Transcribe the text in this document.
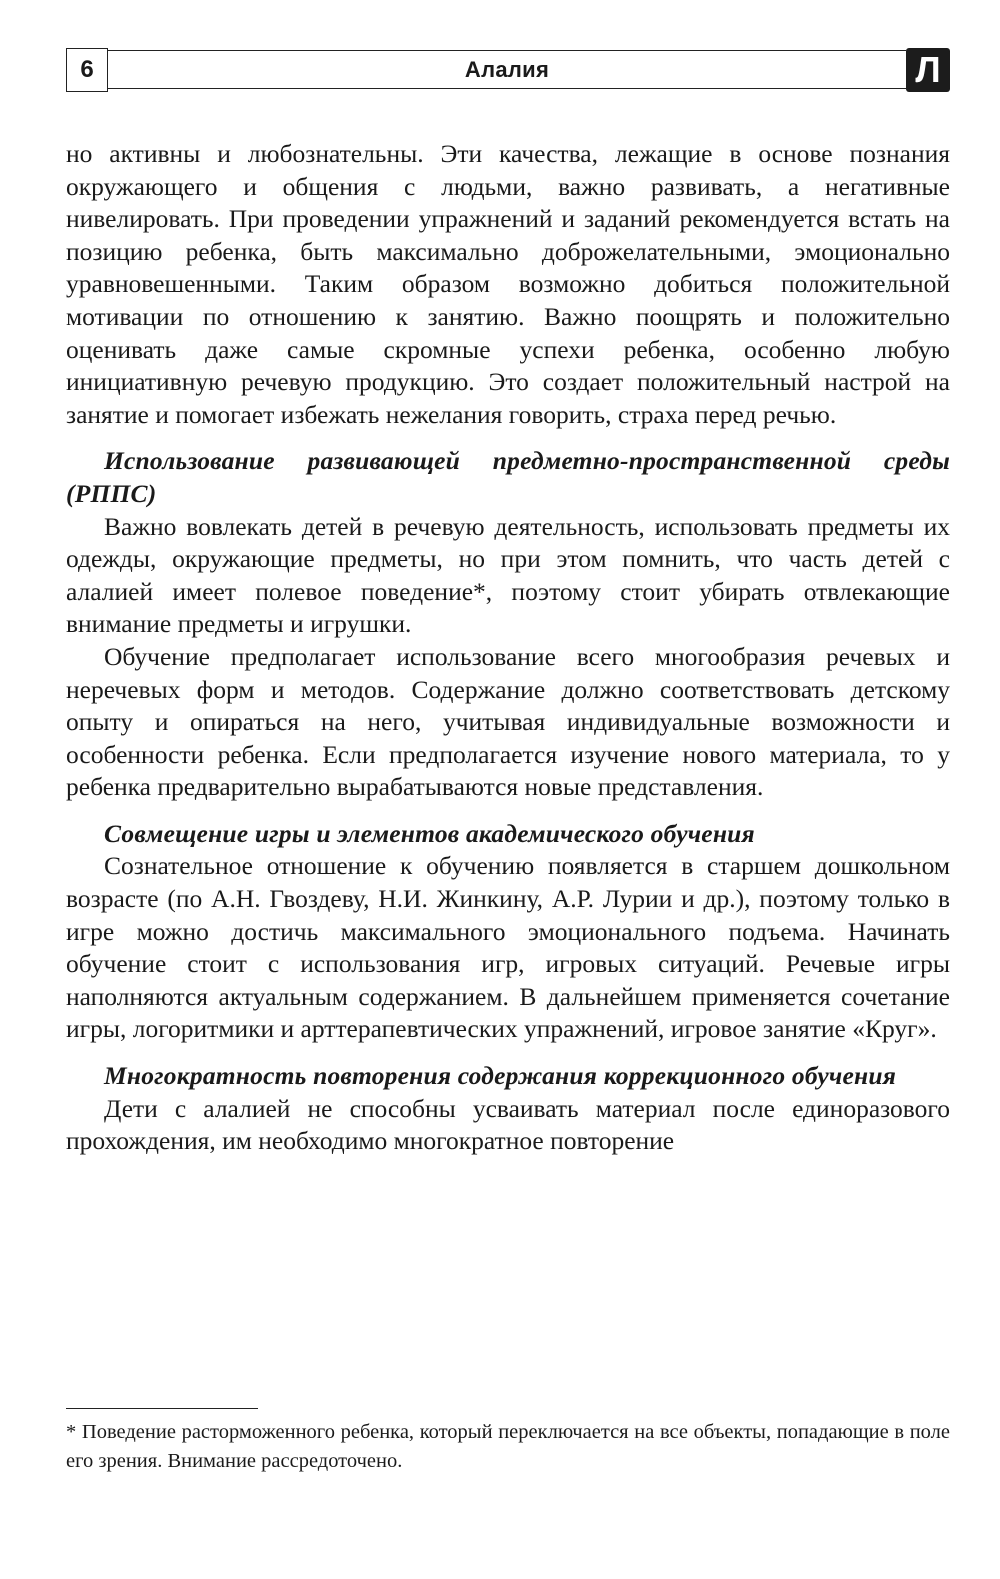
6	Алалия	Л

но активны и любознательны. Эти качества, лежащие в основе познания окружающего и общения с людьми, важно развивать, а негативные нивелировать. При проведении упражнений и заданий рекомендуется встать на позицию ребенка, быть максимально доброжелательными, эмоционально уравновешенными. Таким образом возможно добиться положительной мотивации по отношению к занятию. Важно поощрять и положительно оценивать даже самые скромные успехи ребенка, особенно любую инициативную речевую продукцию. Это создает положительный настрой на занятие и помогает избежать нежелания говорить, страха перед речью.

Использование развивающей предметно-пространственной среды (РППС)

Важно вовлекать детей в речевую деятельность, использовать предметы их одежды, окружающие предметы, но при этом помнить, что часть детей с алалией имеет полевое поведение*, поэтому стоит убирать отвлекающие внимание предметы и игрушки.

Обучение предполагает использование всего многообразия речевых и неречевых форм и методов. Содержание должно соответствовать детскому опыту и опираться на него, учитывая индивидуальные возможности и особенности ребенка. Если предполагается изучение нового материала, то у ребенка предварительно вырабатываются новые представления.

Совмещение игры и элементов академического обучения

Сознательное отношение к обучению появляется в старшем дошкольном возрасте (по А.Н. Гвоздеву, Н.И. Жинкину, А.Р. Лурии и др.), поэтому только в игре можно достичь максимального эмоционального подъема. Начинать обучение стоит с использования игр, игровых ситуаций. Речевые игры наполняются актуальным содержанием. В дальнейшем применяется сочетание игры, логоритмики и арттерапевтических упражнений, игровое занятие «Круг».

Многократность повторения содержания коррекционного обучения

Дети с алалией не способны усваивать материал после единоразового прохождения, им необходимо многократное повторение

* Поведение расторможенного ребенка, который переключается на все объекты, попадающие в поле его зрения. Внимание рассредоточено.
